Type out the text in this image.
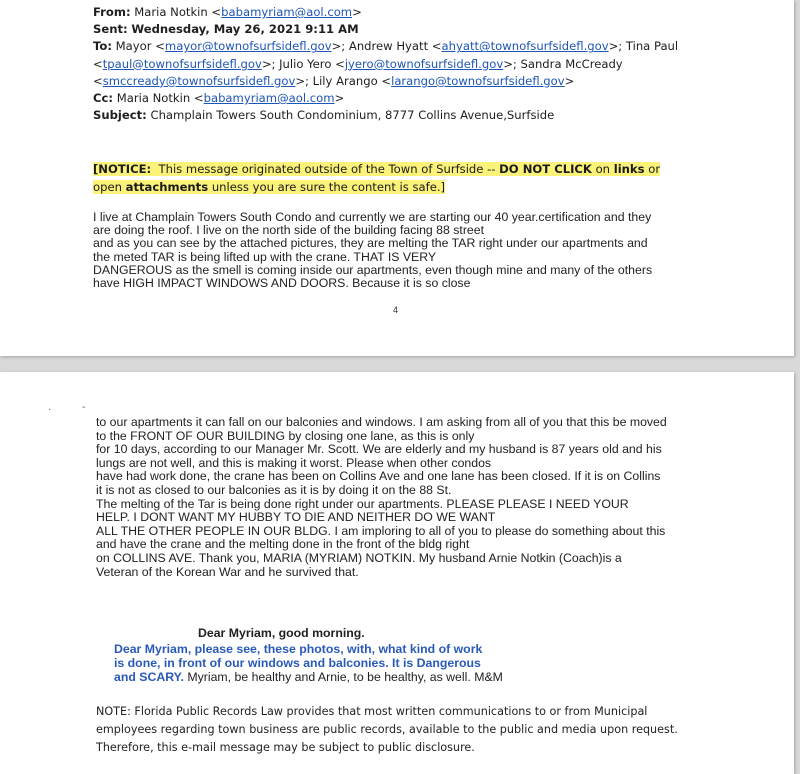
From: Maria Notkin <babamyriam@aol.com>
Sent: Wednesday, May 26, 2021 9:11 AM
To: Mayor <mayor@townofsurfsidefl.gov>; Andrew Hyatt <ahyatt@townofsurfsidefl.gov>; Tina Paul
<tpaul@townofsurfsidefl.gov>; Julio Yero <jyero@townofsurfsidefl.gov>; Sandra McCready
<smccready@townofsurfsidefl.gov>; Lily Arango <larango@townofsurfsidefl.gov>
Cc: Maria Notkin <babamyriam@aol.com>
Subject: Champlain Towers South Condominium, 8777 Collins Avenue,Surfside
[NOTICE: This message originated outside of the Town of Surfside -- DO NOT CLICK on links or
open attachments unless you are sure the content is safe.]
I live at Champlain Towers South Condo and currently we are starting our 40 year.certification and they
are doing the roof. I live on the north side of the building facing 88 street
and as you can see by the attached pictures, they are melting the TAR right under our apartments and
the meted TAR is being lifted up with the crane. THAT IS VERY
DANGEROUS as the smell is coming inside our apartments, even though mine and many of the others
have HIGH IMPACT WINDOWS AND DOORS. Because it is so close
4
·	-
to our apartments it can fall on our balconies and windows. I am asking from all of you that this be moved
to the FRONT OF OUR BUILDING by closing one lane, as this is only
for 10 days, according to our Manager Mr. Scott. We are elderly and my husband is 87 years old and his
lungs are not well, and this is making it worst. Please when other condos
have had work done, the crane has been on Collins Ave and one lane has been closed. If it is on Collins
it is not as closed to our balconies as it is by doing it on the 88 St.
The melting of the Tar is being done right under our apartments. PLEASE PLEASE I NEED YOUR
HELP. I DONT WANT MY HUBBY TO DIE AND NEITHER DO WE WANT
ALL THE OTHER PEOPLE IN OUR BLDG. I am imploring to all of you to please do something about this
and have the crane and the melting done in the front of the bldg right
on COLLINS AVE. Thank you, MARIA (MYRIAM) NOTKIN. My husband Arnie Notkin (Coach)is a
Veteran of the Korean War and he survived that.
Dear Myriam, good morning.
Dear Myriam, please see, these photos, with, what kind of work
is done, in front of our windows and balconies. It is Dangerous
and SCARY. Myriam, be healthy and Arnie, to be healthy, as well. M&M
NOTE: Florida Public Records Law provides that most written communications to or from Municipal
employees regarding town business are public records, available to the public and media upon request.
Therefore, this e-mail message may be subject to public disclosure.
